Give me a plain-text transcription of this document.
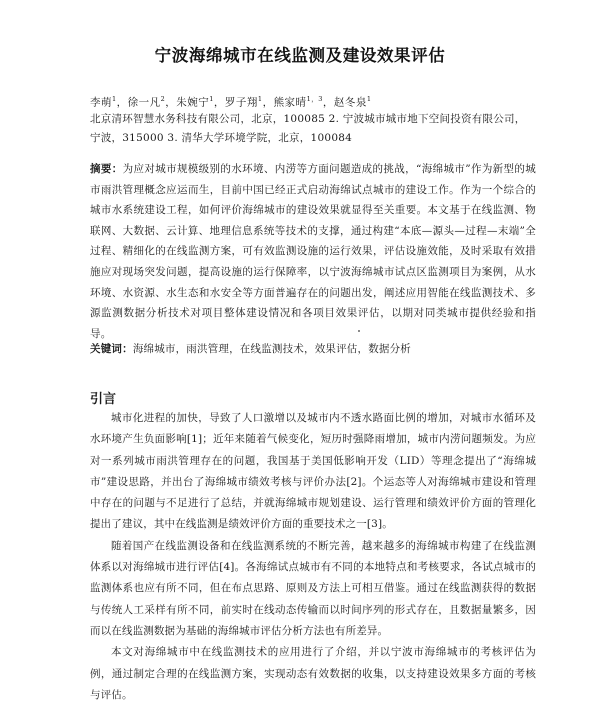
宁波海绵城市在线监测及建设效果评估
李萌$^1$，徐一凡$^2$，朱婉宁$^1$，罗子翔$^1$，熊家晴$^{1,3}$，赵冬泉$^1$
北京清环智慧水务科技有限公司，北京，100085 2. 宁波城市城市地下空间投资有限公司，
宁波，315000 3. 清华大学环境学院，北京，100084
摘要：为应对城市规模级别的水环境、内涝等方面问题造成的挑战，“海绵城市”作为新型的城市雨洪管理概念应运而生，目前中国已经正式启动海绵试点城市的建设工作。作为一个综合的城市水系统建设工程，如何评价海绵城市的建设效果就显得至关重要。本文基于在线监测、物联网、大数据、云计算、地理信息系统等技术的支撑，通过构建“本底—源头—过程—末端”全过程、精细化的在线监测方案，可有效监测设施的运行效果，评估设施效能，及时采取有效措施应对现场突发问题，提高设施的运行保障率，以宁波海绵城市试点区监测项目为案例，从水环境、水资源、水生态和水安全等方面普遍存在的问题出发，阐述应用智能在线监测技术、多源监测数据分析技术对项目整体建设情况和各项目效果评估，以期对同类城市提供经验和指导。
关键词：海绵城市，雨洪管理，在线监测技术，效果评估，数据分析
引言

城市化进程的加快，导致了人口激增以及城市内不透水路面比例的增加，对城市水循环及水环境产生负面影响[1]；近年来随着气候变化，短历时强降雨增加，城市内涝问题频发。为应对一系列城市雨洪管理存在的问题，我国基于美国低影响开发（LID）等理念提出了“海绵城市”建设思路，并出台了海绵城市绩效考核与评价办法[2]。个运态等人对海绵城市建设和管理中存在的问题与不足进行了总结，并就海绵城市规划建设、运行管理和绩效评价方面的管理化提出了建议，其中在线监测是绩效评价方面的重要技术之一[3]。

随着国产在线监测设备和在线监测系统的不断完善，越来越多的海绵城市构建了在线监测体系以对海绵城市进行评估[4]。各海绵试点城市有不同的本地特点和考核要求，各试点城市的监测体系也应有所不同，但在布点思路、原则及方法上可相互借鉴。通过在线监测获得的数据与传统人工采样有所不同，前实时在线动态传输而以时间序列的形式存在，且数据量繁多，因而以在线监测数据为基础的海绵城市评估分析方法也有所差异。

本文对海绵城市中在线监测技术的应用进行了介绍，并以宁波市海绵城市的考核评估为例，通过制定合理的在线监测方案，实现动态有效数据的收集，以支持建设效果多方面的考核与评估。
